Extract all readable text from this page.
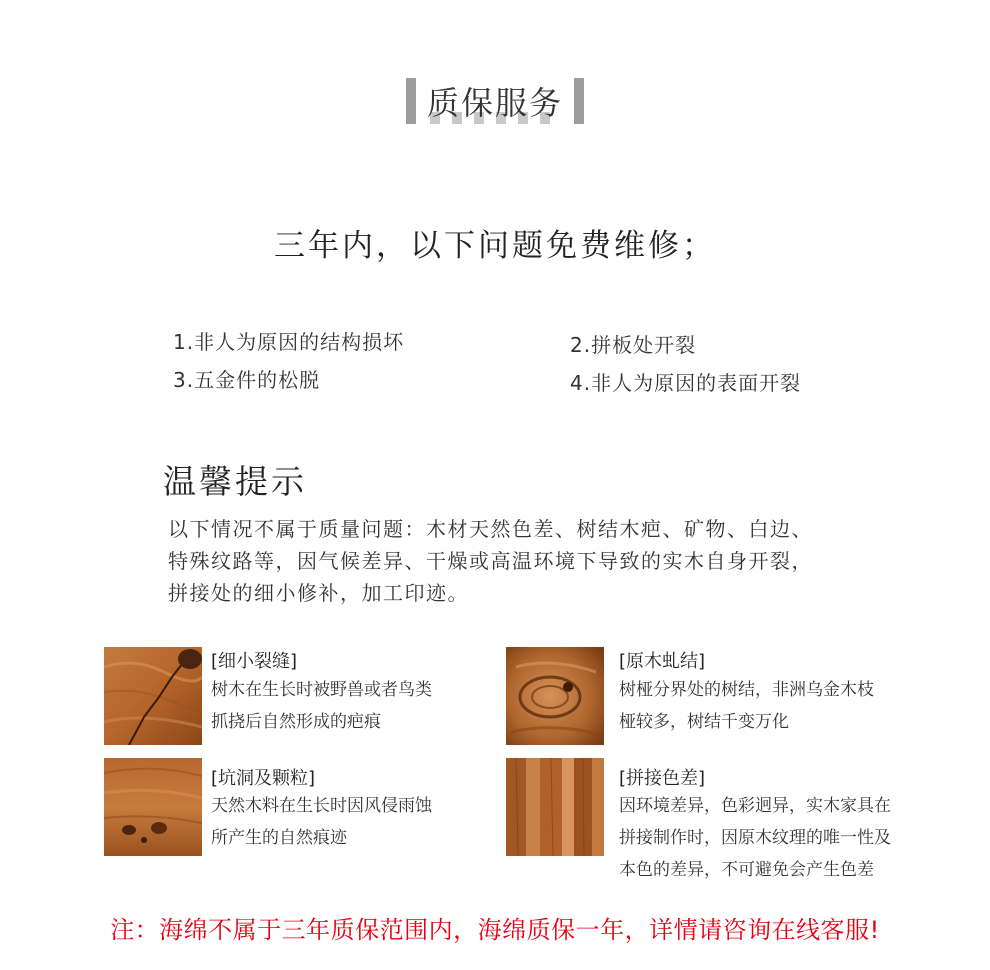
质保服务
三年内，以下问题免费维修；
1.非人为原因的结构损坏	2.拼板处开裂
3.五金件的松脱	4.非人为原因的表面开裂
温馨提示
以下情况不属于质量问题：木材天然色差、树结木疤、矿物、白边、
特殊纹路等，因气候差异、干燥或高温环境下导致的实木自身开裂，
拼接处的细小修补，加工印迹。
[细小裂缝]
树木在生长时被野兽或者鸟类
抓挠后自然形成的疤痕
[原木虬结]
树桠分界处的树结，非洲乌金木枝
桠较多，树结千变万化
[坑洞及颗粒]
天然木料在生长时因风侵雨蚀
所产生的自然痕迹
[拼接色差]
因环境差异，色彩迥异，实木家具在
拼接制作时，因原木纹理的唯一性及
本色的差异，不可避免会产生色差
注：海绵不属于三年质保范围内，海绵质保一年，详情请咨询在线客服!
